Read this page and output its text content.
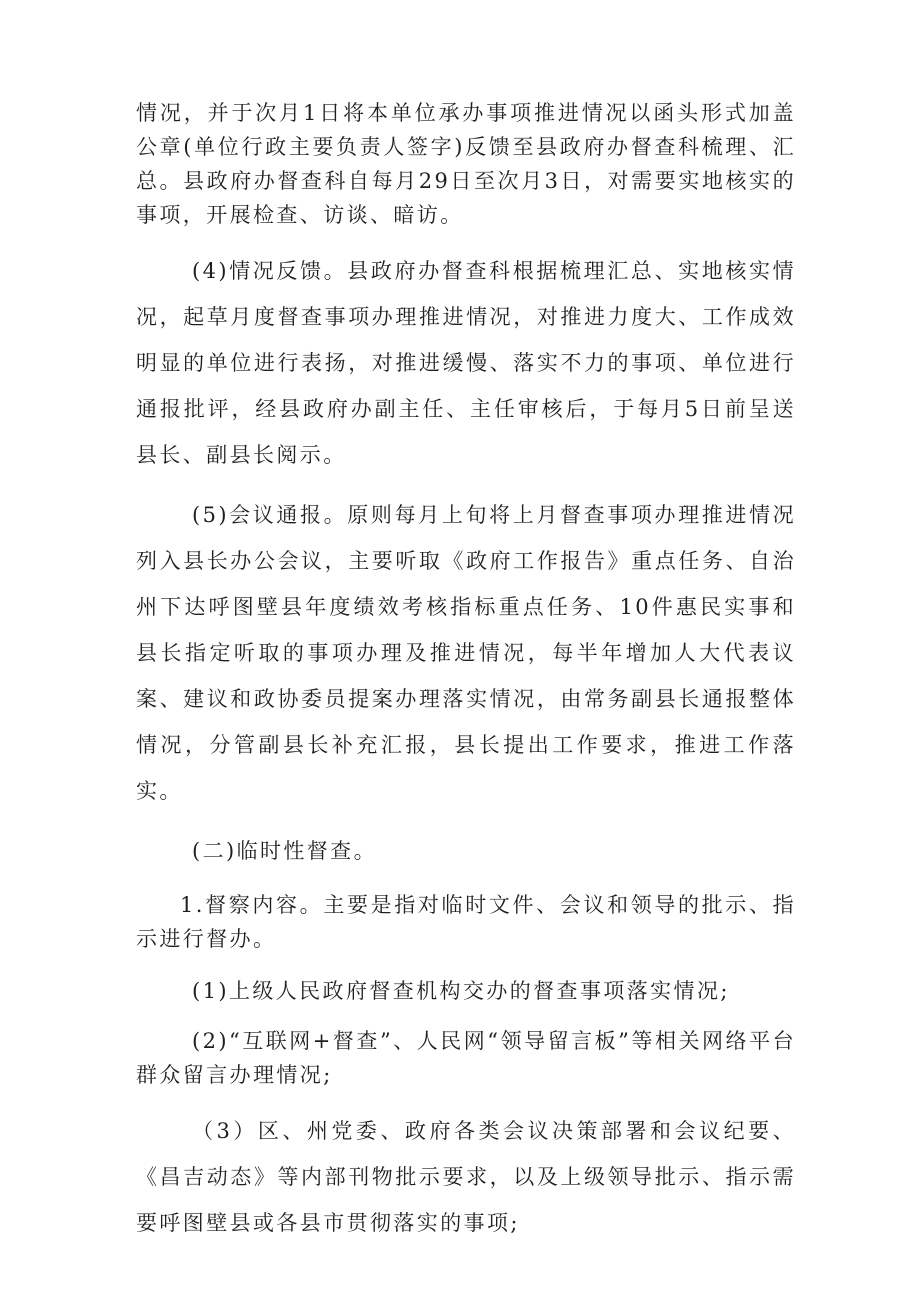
情况，并于次月1日将本单位承办事项推进情况以函头形式加盖公章(单位行政主要负责人签字)反馈至县政府办督查科梳理、汇总。县政府办督查科自每月29日至次月3日，对需要实地核实的事项，开展检查、访谈、暗访。

(4)情况反馈。县政府办督查科根据梳理汇总、实地核实情况，起草月度督查事项办理推进情况，对推进力度大、工作成效明显的单位进行表扬，对推进缓慢、落实不力的事项、单位进行通报批评，经县政府办副主任、主任审核后，于每月5日前呈送县长、副县长阅示。

(5)会议通报。原则每月上旬将上月督查事项办理推进情况列入县长办公会议，主要听取《政府工作报告》重点任务、自治州下达呼图壁县年度绩效考核指标重点任务、10件惠民实事和县长指定听取的事项办理及推进情况，每半年增加人大代表议案、建议和政协委员提案办理落实情况，由常务副县长通报整体情况，分管副县长补充汇报，县长提出工作要求，推进工作落实。

(二)临时性督查。

1.督察内容。主要是指对临时文件、会议和领导的批示、指示进行督办。

(1)上级人民政府督查机构交办的督查事项落实情况;

(2)“互联网+督查”、人民网“领导留言板”等相关网络平台群众留言办理情况;

（3）区、州党委、政府各类会议决策部署和会议纪要、《昌吉动态》等内部刊物批示要求，以及上级领导批示、指示需要呼图壁县或各县市贯彻落实的事项;
